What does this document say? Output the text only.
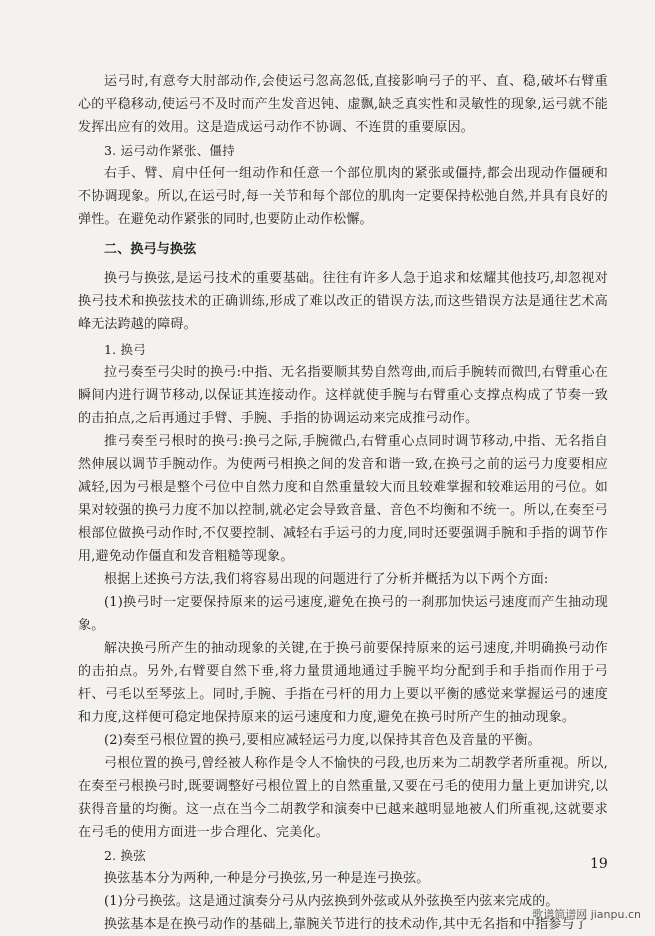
运弓时,有意夸大肘部动作,会使运弓忽高忽低,直接影响弓子的平、直、稳,破坏右臂重心的平稳移动,使运弓不及时而产生发音迟钝、虚飘,缺乏真实性和灵敏性的现象,运弓就不能发挥出应有的效用。这是造成运弓动作不协调、不连贯的重要原因。

3. 运弓动作紧张、僵持

右手、臂、肩中任何一组动作和任意一个部位肌肉的紧张或僵持,都会出现动作僵硬和不协调现象。所以,在运弓时,每一关节和每个部位的肌肉一定要保持松弛自然,并具有良好的弹性。在避免动作紧张的同时,也要防止动作松懈。

二、换弓与换弦

换弓与换弦,是运弓技术的重要基础。往往有许多人急于追求和炫耀其他技巧,却忽视对换弓技术和换弦技术的正确训练,形成了难以改正的错误方法,而这些错误方法是通往艺术高峰无法跨越的障碍。

1. 换弓

拉弓奏至弓尖时的换弓:中指、无名指要顺其势自然弯曲,而后手腕转而微凹,右臂重心在瞬间内进行调节移动,以保证其连接动作。这样就使手腕与右臂重心支撑点构成了节奏一致的击拍点,之后再通过手臂、手腕、手指的协调运动来完成推弓动作。

推弓奏至弓根时的换弓:换弓之际,手腕微凸,右臂重心点同时调节移动,中指、无名指自然伸展以调节手腕动作。为使两弓相换之间的发音和谐一致,在换弓之前的运弓力度要相应减轻,因为弓根是整个弓位中自然力度和自然重量较大而且较难掌握和较难运用的弓位。如果对较强的换弓力度不加以控制,就必定会导致音量、音色不均衡和不统一。所以,在奏至弓根部位做换弓动作时,不仅要控制、减轻右手运弓的力度,同时还要强调手腕和手指的调节作用,避免动作僵直和发音粗糙等现象。

根据上述换弓方法,我们将容易出现的问题进行了分析并概括为以下两个方面:

(1)换弓时一定要保持原来的运弓速度,避免在换弓的一刹那加快运弓速度而产生抽动现象。

解决换弓所产生的抽动现象的关键,在于换弓前要保持原来的运弓速度,并明确换弓动作的击拍点。另外,右臂要自然下垂,将力量贯通地通过手腕平均分配到手和手指而作用于弓杆、弓毛以至琴弦上。同时,手腕、手指在弓杆的用力上要以平衡的感觉来掌握运弓的速度和力度,这样便可稳定地保持原来的运弓速度和力度,避免在换弓时所产生的抽动现象。

(2)奏至弓根位置的换弓,要相应减轻运弓力度,以保持其音色及音量的平衡。

弓根位置的换弓,曾经被人称作是令人不愉快的弓段,也历来为二胡教学者所重视。所以,在奏至弓根换弓时,既要调整好弓根位置上的自然重量,又要在弓毛的使用力量上更加讲究,以获得音量的均衡。这一点在当今二胡教学和演奏中已越来越明显地被人们所重视,这就要求在弓毛的使用方面进一步合理化、完美化。

2. 换弦

换弦基本分为两种,一种是分弓换弦,另一种是连弓换弦。

(1)分弓换弦。这是通过演奏分弓从内弦换到外弦或从外弦换至内弦来完成的。

换弦基本是在换弓动作的基础上,靠腕关节进行的技术动作,其中无名指和中指参与了

19
歌谱简谱网 jianpu.cn
